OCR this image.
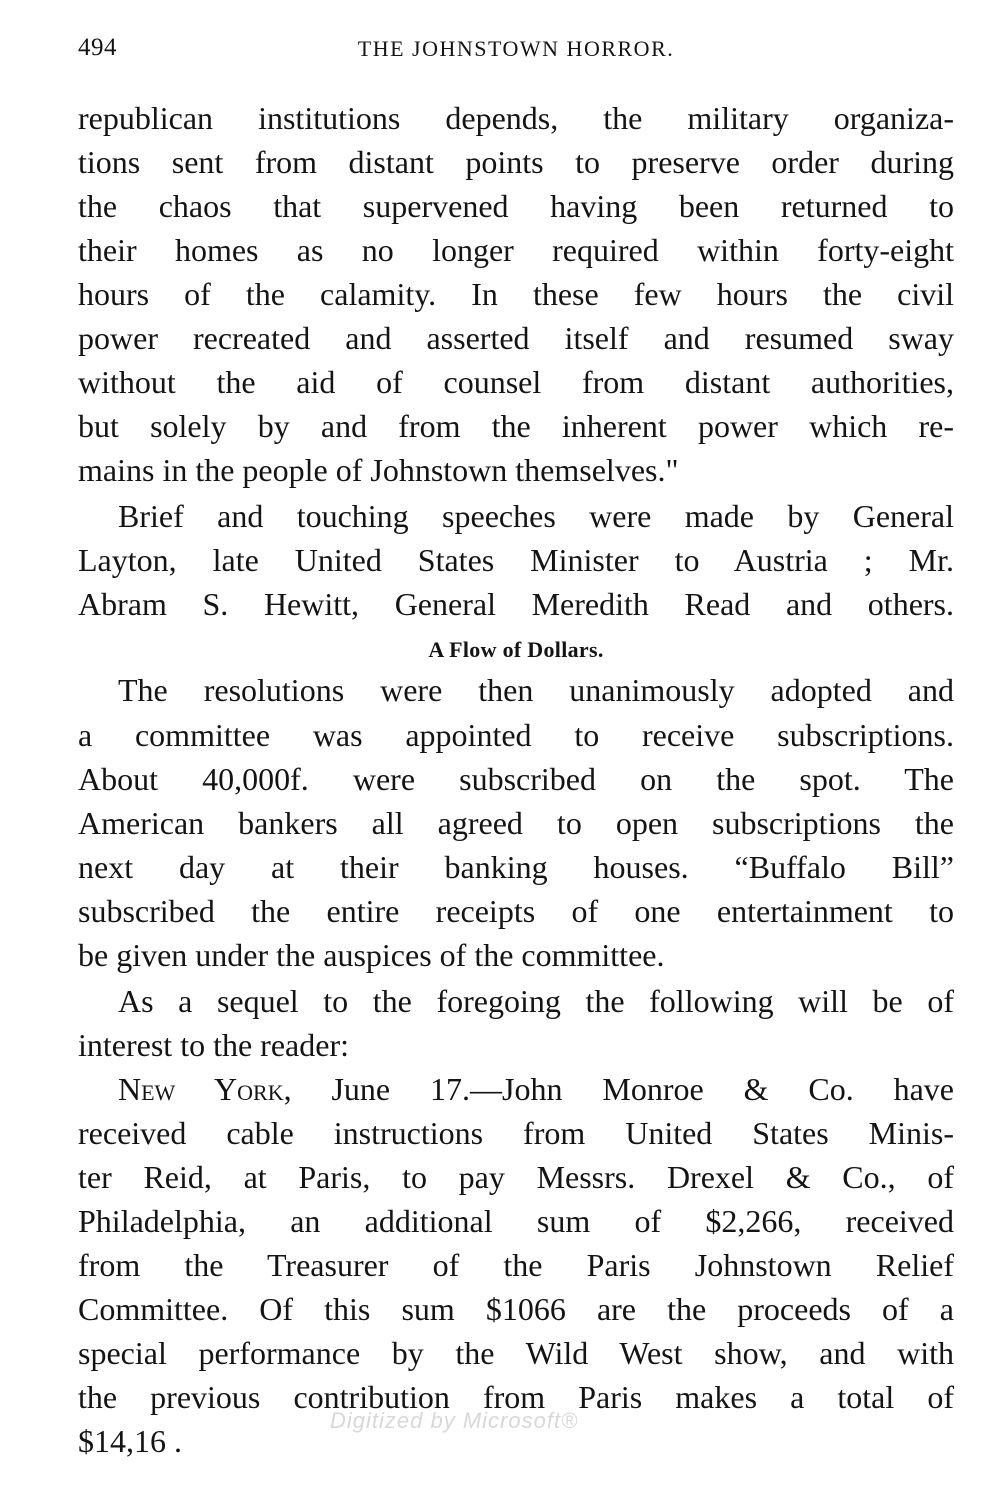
494	THE JOHNSTOWN HORROR.
republican institutions depends, the military organiza-
tions sent from distant points to preserve order during
the chaos that supervened having been returned to
their homes as no longer required within forty-eight
hours of the calamity. In these few hours the civil
power recreated and asserted itself and resumed sway
without the aid of counsel from distant authorities,
but solely by and from the inherent power which re-
mains in the people of Johnstown themselves."
Brief and touching speeches were made by General
Layton, late United States Minister to Austria ; Mr.
Abram S. Hewitt, General Meredith Read and others.
A Flow of Dollars.
The resolutions were then unanimously adopted and
a committee was appointed to receive subscriptions.
About 40,000f. were subscribed on the spot. The
American bankers all agreed to open subscriptions the
next day at their banking houses. “Buffalo Bill”
subscribed the entire receipts of one entertainment to
be given under the auspices of the committee.
As a sequel to the foregoing the following will be of
interest to the reader:
New York, June 17.—John Monroe & Co. have
received cable instructions from United States Minis-
ter Reid, at Paris, to pay Messrs. Drexel & Co., of
Philadelphia, an additional sum of $2,266, received
from the Treasurer of the Paris Johnstown Relief
Committee. Of this sum $1066 are the proceeds of a
special performance by the Wild West show, and with
the previous contribution from Paris makes a total of
$14,16 .
Digitized by Microsoft®
